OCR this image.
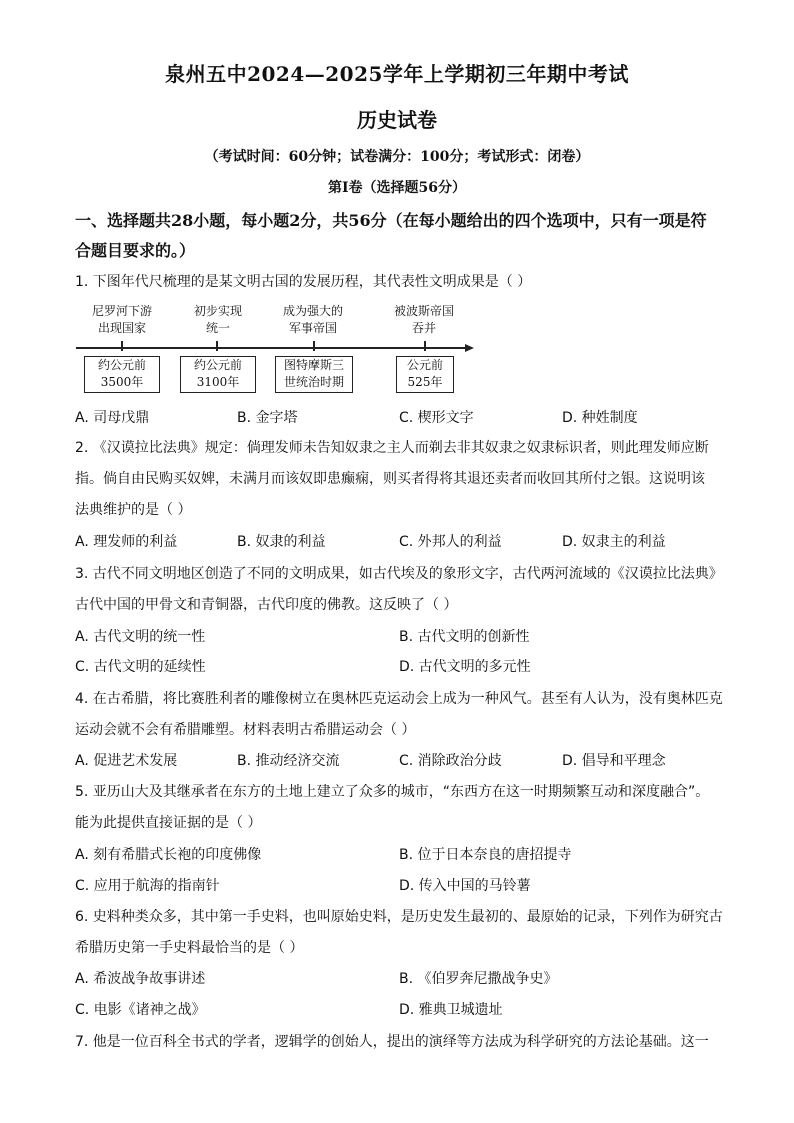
泉州五中2024—2025学年上学期初三年期中考试
历史试卷
（考试时间：60分钟；试卷满分：100分；考试形式：闭卷）
第Ⅰ卷（选择题56分）
一、选择题共28小题，每小题2分，共56分（在每小题给出的四个选项中，只有一项是符
合题目要求的。）
1. 下图年代尺梳理的是某文明古国的发展历程，其代表性文明成果是（ ）
尼罗河下游
出现国家
初步实现
统一
成为强大的
军事帝国
被波斯帝国
吞并
约公元前
3500年
约公元前
3100年
图特摩斯三
世统治时期
公元前
525年
A. 司母戊鼎	B. 金字塔	C. 楔形文字	D. 种姓制度
2. 《汉谟拉比法典》规定：倘理发师未告知奴隶之主人而剃去非其奴隶之奴隶标识者，则此理发师应断
指。倘自由民购买奴婢，未满月而该奴即患癫痫，则买者得将其退还卖者而收回其所付之银。这说明该
法典维护的是（ ）
A. 理发师的利益	B. 奴隶的利益	C. 外邦人的利益	D. 奴隶主的利益
3. 古代不同文明地区创造了不同的文明成果，如古代埃及的象形文字，古代两河流域的《汉谟拉比法典》
古代中国的甲骨文和青铜器，古代印度的佛教。这反映了（ ）
A. 古代文明的统一性	B. 古代文明的创新性
C. 古代文明的延续性	D. 古代文明的多元性
4. 在古希腊，将比赛胜利者的雕像树立在奥林匹克运动会上成为一种风气。甚至有人认为，没有奥林匹克
运动会就不会有希腊雕塑。材料表明古希腊运动会（ ）
A. 促进艺术发展	B. 推动经济交流	C. 消除政治分歧	D. 倡导和平理念
5. 亚历山大及其继承者在东方的土地上建立了众多的城市，“东西方在这一时期频繁互动和深度融合”。
能为此提供直接证据的是（ ）
A. 刻有希腊式长袍的印度佛像	B. 位于日本奈良的唐招提寺
C. 应用于航海的指南针	D. 传入中国的马铃薯
6. 史料种类众多，其中第一手史料，也叫原始史料，是历史发生最初的、最原始的记录，下列作为研究古
希腊历史第一手史料最恰当的是（ ）
A. 希波战争故事讲述	B. 《伯罗奔尼撒战争史》
C. 电影《诸神之战》	D. 雅典卫城遗址
7. 他是一位百科全书式的学者，逻辑学的创始人，提出的演绎等方法成为科学研究的方法论基础。这一
